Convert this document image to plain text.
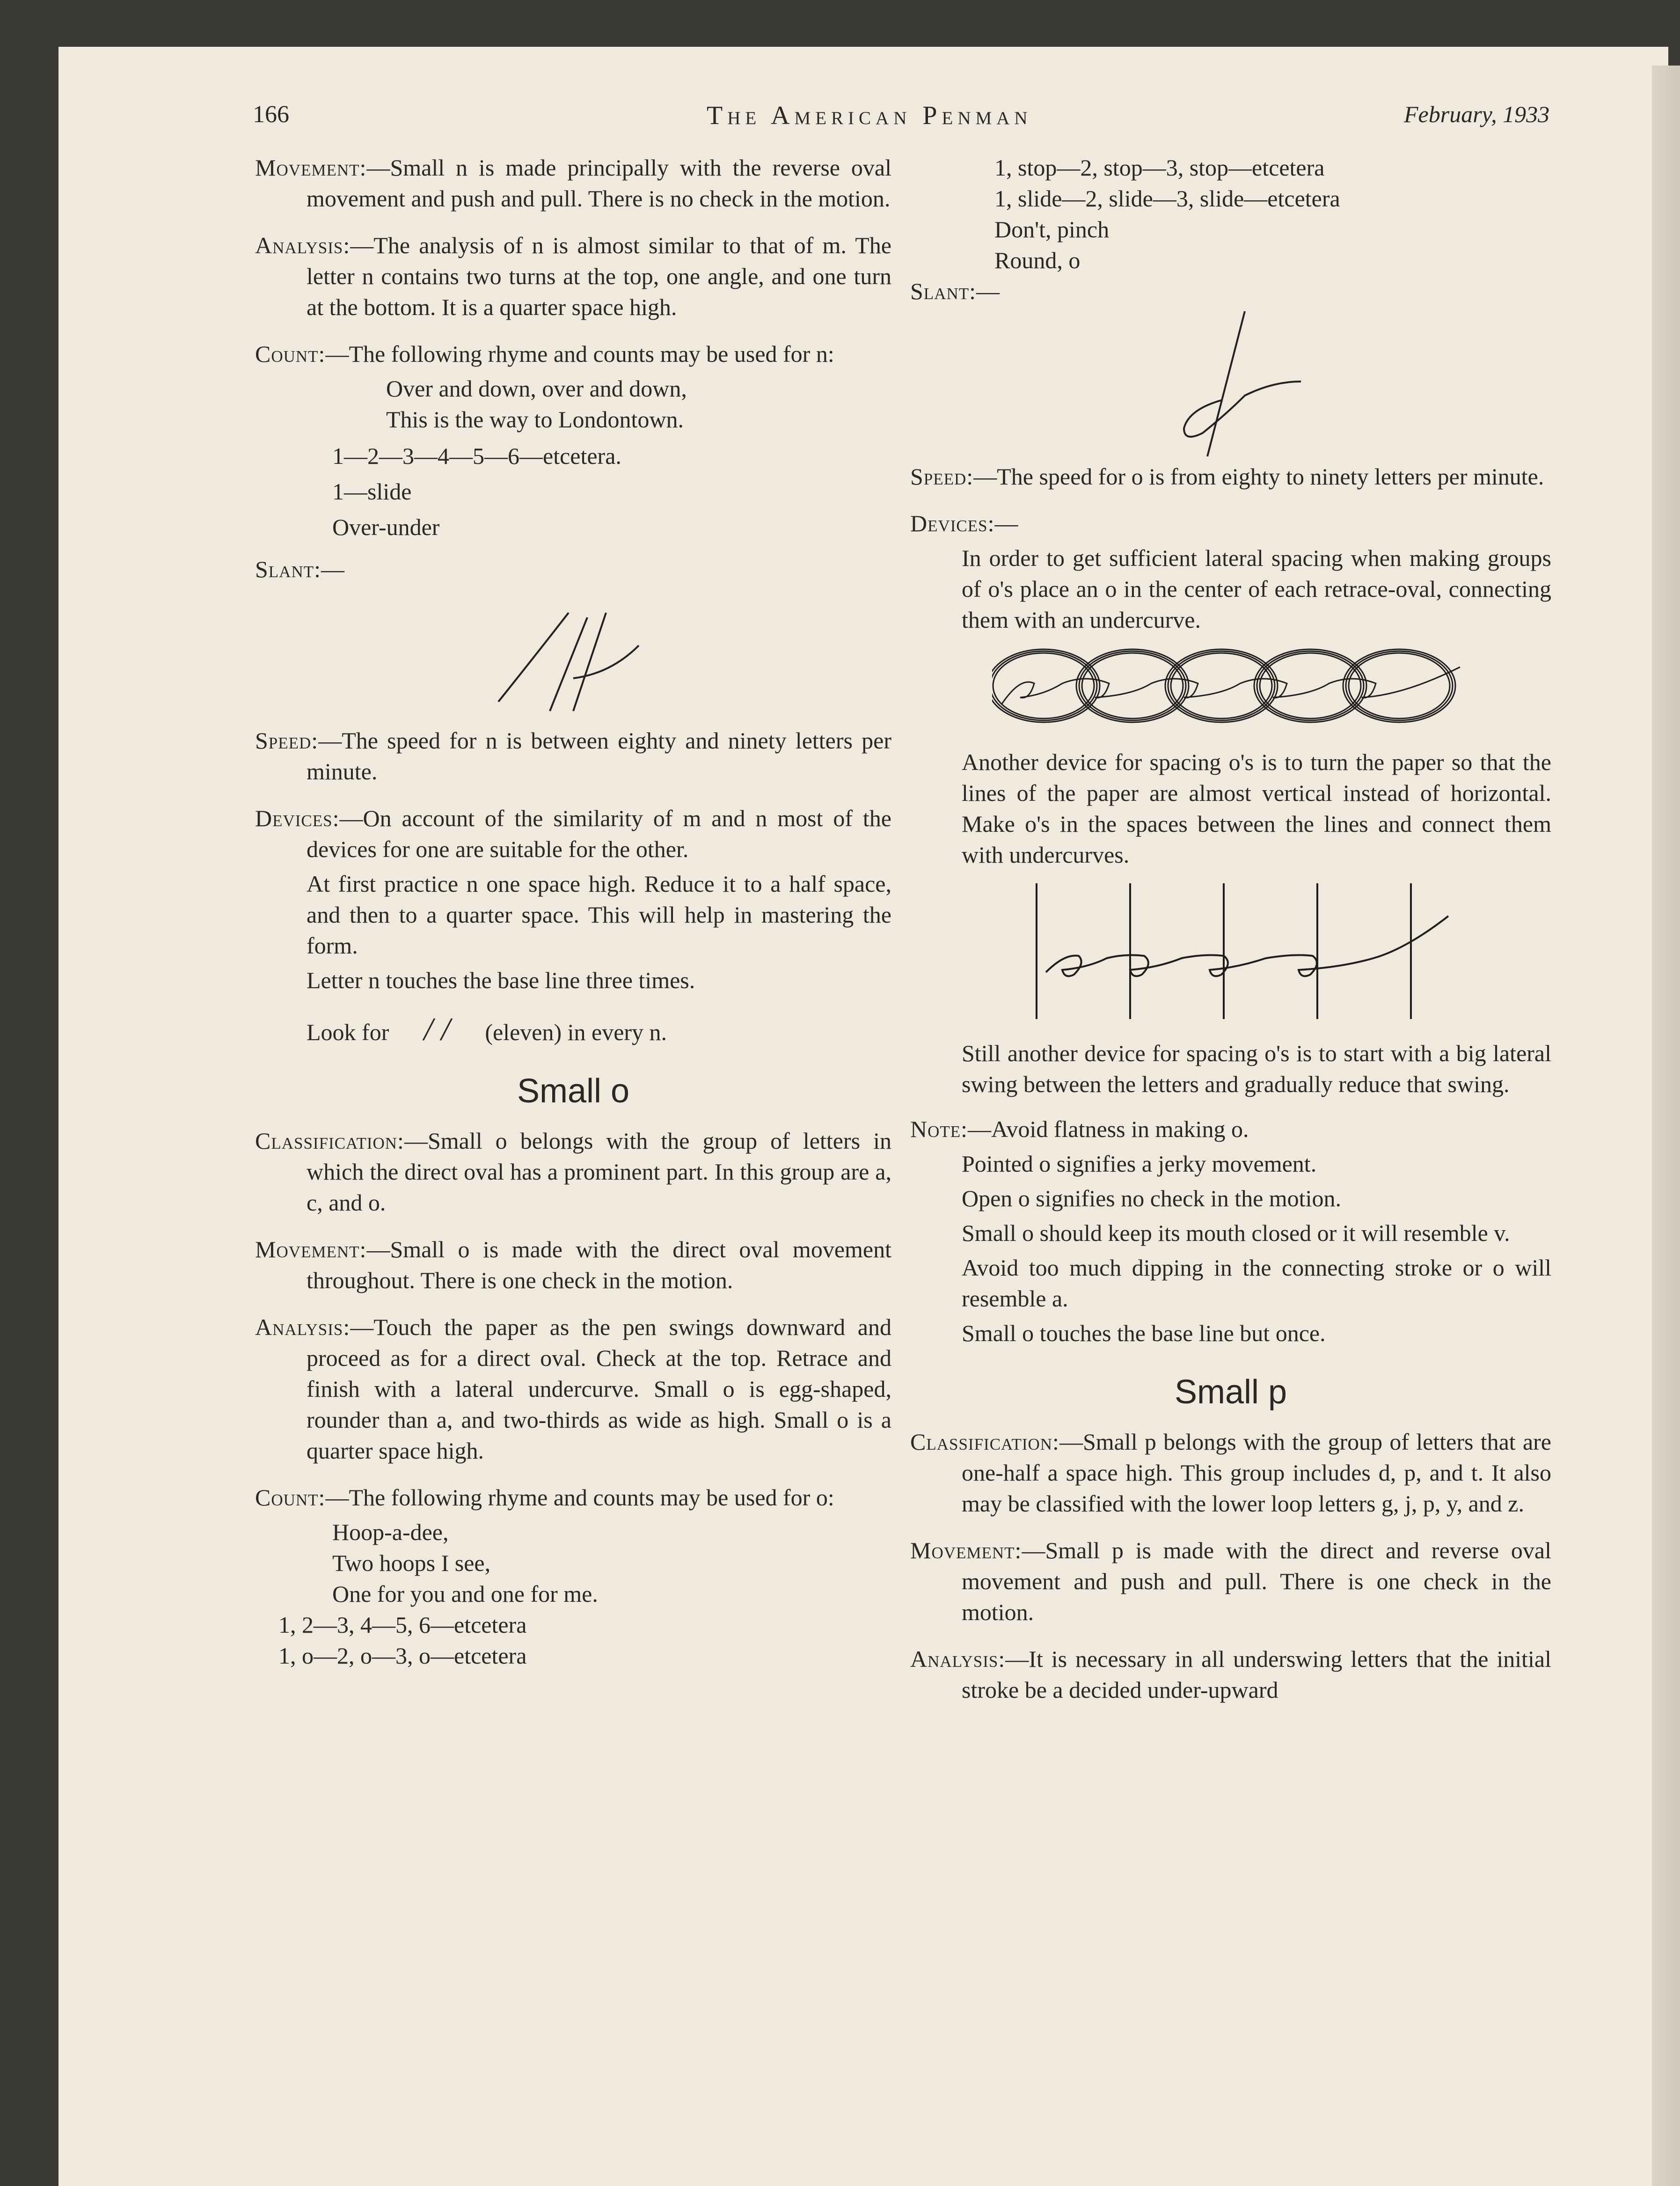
166	The American Penman	February, 1933

Movement:—Small n is made principally with the reverse oval movement and push and pull. There is no check in the motion.

Analysis:—The analysis of n is almost similar to that of m. The letter n contains two turns at the top, one angle, and one turn at the bottom. It is a quarter space high.

Count:—The following rhyme and counts may be used for n:

Over and down, over and down,

This is the way to Londontown.

1—2—3—4—5—6—etcetera.

1—slide

Over-under

Slant:—

Speed:—The speed for n is between eighty and ninety letters per minute.

Devices:—On account of the similarity of m and n most of the devices for one are suitable for the other.

At first practice n one space high. Reduce it to a half space, and then to a quarter space. This will help in mastering the form.

Letter n touches the base line three times.

Look for / / (eleven) in every n.

Small o

Classification:—Small o belongs with the group of letters in which the direct oval has a prominent part. In this group are a, c, and o.

Movement:—Small o is made with the direct oval movement throughout. There is one check in the motion.

Analysis:—Touch the paper as the pen swings downward and proceed as for a direct oval. Check at the top. Retrace and finish with a lateral undercurve. Small o is egg-shaped, rounder than a, and two-thirds as wide as high. Small o is a quarter space high.

Count:—The following rhyme and counts may be used for o:

Hoop-a-dee,

Two hoops I see,

One for you and one for me.

1, 2—3, 4—5, 6—etcetera

1, o—2, o—3, o—etcetera

1, stop—2, stop—3, stop—etcetera

1, slide—2, slide—3, slide—etcetera

Don't, pinch

Round, o

Slant:—

Speed:—The speed for o is from eighty to ninety letters per minute.

Devices:—

In order to get sufficient lateral spacing when making groups of o's place an o in the center of each retrace-oval, connecting them with an undercurve.

Another device for spacing o's is to turn the paper so that the lines of the paper are almost vertical instead of horizontal. Make o's in the spaces between the lines and connect them with undercurves.

Still another device for spacing o's is to start with a big lateral swing between the letters and gradually reduce that swing.

Note:—Avoid flatness in making o.

Pointed o signifies a jerky movement.

Open o signifies no check in the motion.

Small o should keep its mouth closed or it will resemble v.

Avoid too much dipping in the connecting stroke or o will resemble a.

Small o touches the base line but once.

Small p

Classification:—Small p belongs with the group of letters that are one-half a space high. This group includes d, p, and t. It also may be classified with the lower loop letters g, j, p, y, and z.

Movement:—Small p is made with the direct and reverse oval movement and push and pull. There is one check in the motion.

Analysis:—It is necessary in all underswing letters that the initial stroke be a decided under-upward
